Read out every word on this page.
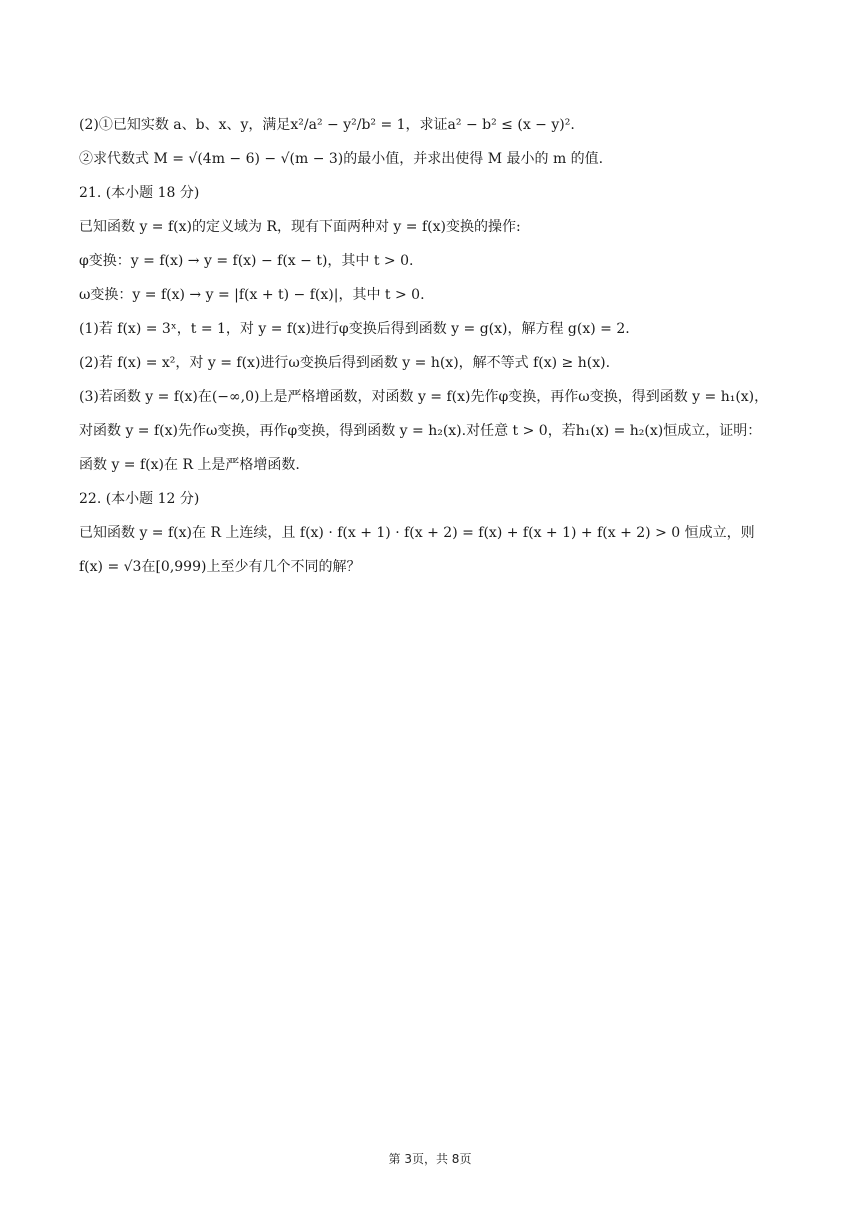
(2)①已知实数 a、b、x、y，满足x²/a² − y²/b² = 1，求证a² − b² ≤ (x − y)².
②求代数式 M = √(4m − 6) − √(m − 3)的最小值，并求出使得 M 最小的 m 的值.
21. (本小题 18 分)
已知函数 y = f(x)的定义域为 R，现有下面两种对 y = f(x)变换的操作:
φ变换：y = f(x) → y = f(x) − f(x − t)，其中 t > 0.
ω变换：y = f(x) → y = |f(x + t) − f(x)|，其中 t > 0.
(1)若 f(x) = 3ˣ，t = 1，对 y = f(x)进行φ变换后得到函数 y = g(x)，解方程 g(x) = 2.
(2)若 f(x) = x²，对 y = f(x)进行ω变换后得到函数 y = h(x)，解不等式 f(x) ≥ h(x).
(3)若函数 y = f(x)在(−∞,0)上是严格增函数，对函数 y = f(x)先作φ变换，再作ω变换，得到函数 y = h₁(x)，
对函数 y = f(x)先作ω变换，再作φ变换，得到函数 y = h₂(x).对任意 t > 0，若h₁(x) = h₂(x)恒成立，证明：
函数 y = f(x)在 R 上是严格增函数.
22. (本小题 12 分)
已知函数 y = f(x)在 R 上连续，且 f(x) · f(x + 1) · f(x + 2) = f(x) + f(x + 1) + f(x + 2) > 0 恒成立，则
f(x) = √3在[0,999)上至少有几个不同的解？
第 3页，共 8页
